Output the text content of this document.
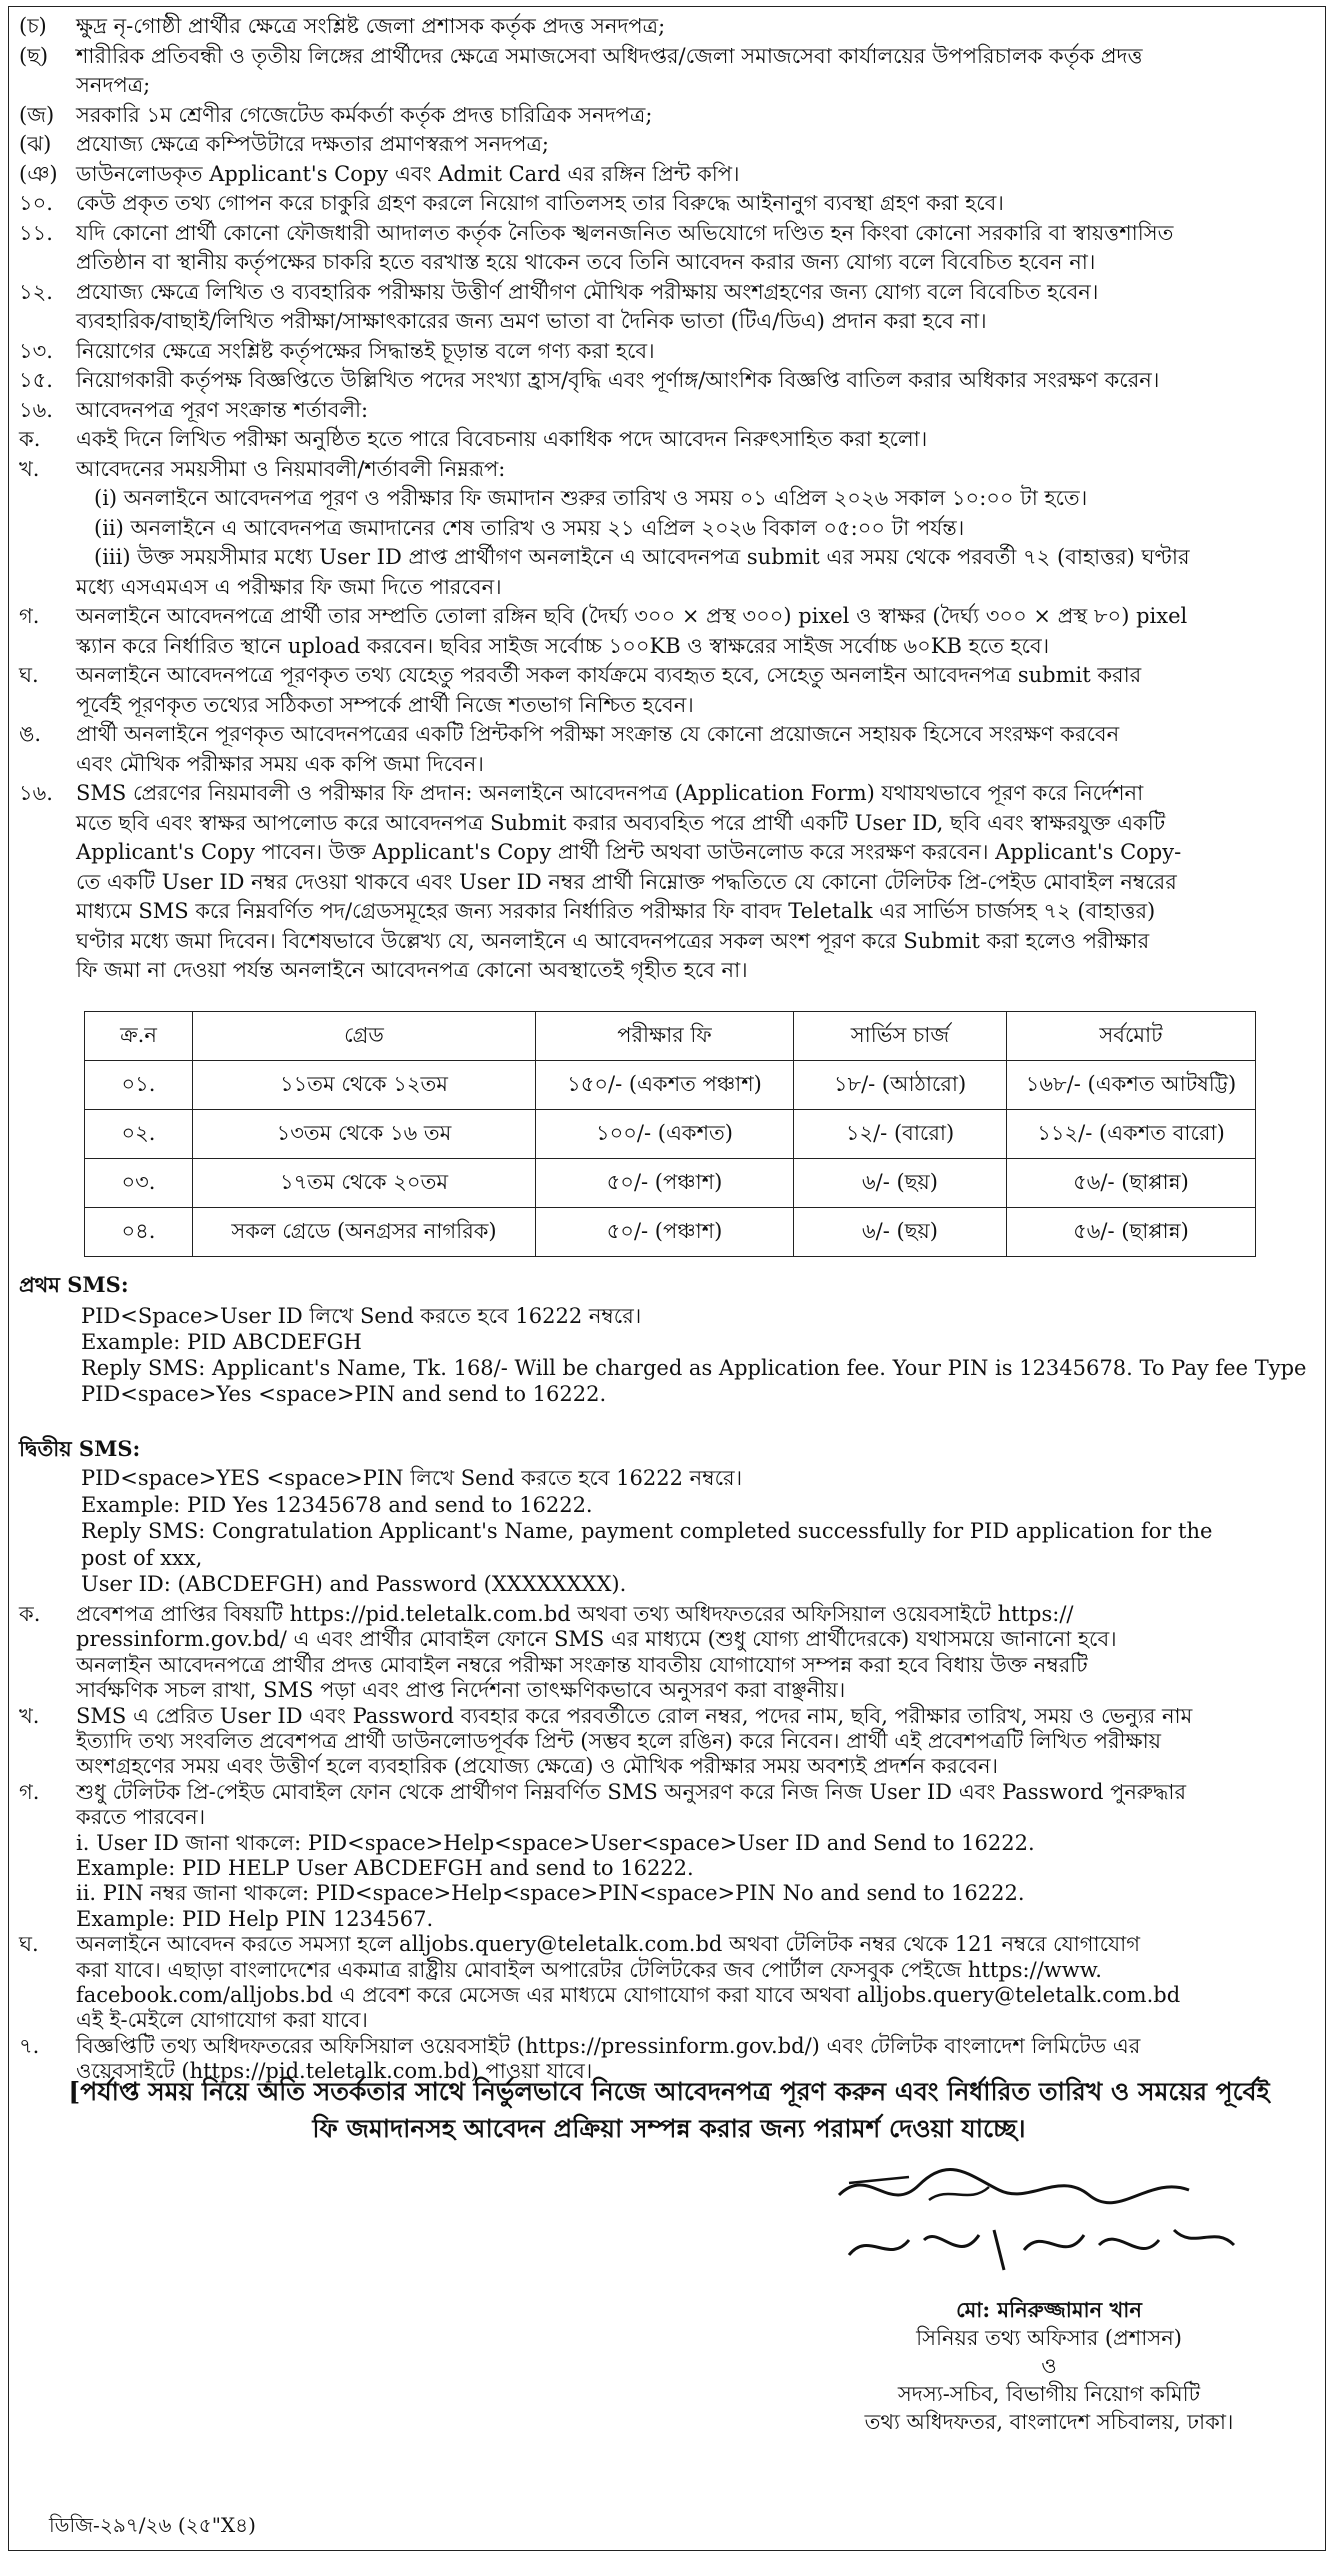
(চ) ক্ষুদ্র নৃ-গোষ্ঠী প্রার্থীর ক্ষেত্রে সংশ্লিষ্ট জেলা প্রশাসক কর্তৃক প্রদত্ত সনদপত্র;
(ছ) শারীরিক প্রতিবন্ধী ও তৃতীয় লিঙ্গের প্রার্থীদের ক্ষেত্রে সমাজসেবা অধিদপ্তর/জেলা সমাজসেবা কার্যালয়ের উপপরিচালক কর্তৃক প্রদত্ত
সনদপত্র;
(জ) সরকারি ১ম শ্রেণীর গেজেটেড কর্মকর্তা কর্তৃক প্রদত্ত চারিত্রিক সনদপত্র;
(ঝ) প্রযোজ্য ক্ষেত্রে কম্পিউটারে দক্ষতার প্রমাণস্বরূপ সনদপত্র;
(ঞ) ডাউনলোডকৃত Applicant's Copy এবং Admit Card এর রঙ্গিন প্রিন্ট কপি।
১০. কেউ প্রকৃত তথ্য গোপন করে চাকুরি গ্রহণ করলে নিয়োগ বাতিলসহ তার বিরুদ্ধে আইনানুগ ব্যবস্থা গ্রহণ করা হবে।
১১. যদি কোনো প্রার্থী কোনো ফৌজধারী আদালত কর্তৃক নৈতিক স্খলনজনিত অভিযোগে দণ্ডিত হন কিংবা কোনো সরকারি বা স্বায়ত্তশাসিত
প্রতিষ্ঠান বা স্থানীয় কর্তৃপক্ষের চাকরি হতে বরখাস্ত হয়ে থাকেন তবে তিনি আবেদন করার জন্য যোগ্য বলে বিবেচিত হবেন না।
১২. প্রযোজ্য ক্ষেত্রে লিখিত ও ব্যবহারিক পরীক্ষায় উত্তীর্ণ প্রার্থীগণ মৌখিক পরীক্ষায় অংশগ্রহণের জন্য যোগ্য বলে বিবেচিত হবেন।
ব্যবহারিক/বাছাই/লিখিত পরীক্ষা/সাক্ষাৎকারের জন্য ভ্রমণ ভাতা বা দৈনিক ভাতা (টিএ/ডিএ) প্রদান করা হবে না।
১৩. নিয়োগের ক্ষেত্রে সংশ্লিষ্ট কর্তৃপক্ষের সিদ্ধান্তই চূড়ান্ত বলে গণ্য করা হবে।
১৫. নিয়োগকারী কর্তৃপক্ষ বিজ্ঞপ্তিতে উল্লিখিত পদের সংখ্যা হ্রাস/বৃদ্ধি এবং পূর্ণাঙ্গ/আংশিক বিজ্ঞপ্তি বাতিল করার অধিকার সংরক্ষণ করেন।
১৬. আবেদনপত্র পূরণ সংক্রান্ত শর্তাবলী:
ক. একই দিনে লিখিত পরীক্ষা অনুষ্ঠিত হতে পারে বিবেচনায় একাধিক পদে আবেদন নিরুৎসাহিত করা হলো।
খ. আবেদনের সময়সীমা ও নিয়মাবলী/শর্তাবলী নিম্নরূপ:
(i) অনলাইনে আবেদনপত্র পূরণ ও পরীক্ষার ফি জমাদান শুরুর তারিখ ও সময় ০১ এপ্রিল ২০২৬ সকাল ১০:০০ টা হতে।
(ii) অনলাইনে এ আবেদনপত্র জমাদানের শেষ তারিখ ও সময় ২১ এপ্রিল ২০২৬ বিকাল ০৫:০০ টা পর্যন্ত।
(iii) উক্ত সময়সীমার মধ্যে User ID প্রাপ্ত প্রার্থীগণ অনলাইনে এ আবেদনপত্র submit এর সময় থেকে পরবর্তী ৭২ (বাহাত্তর) ঘণ্টার
মধ্যে এসএমএস এ পরীক্ষার ফি জমা দিতে পারবেন।
গ. অনলাইনে আবেদনপত্রে প্রার্থী তার সম্প্রতি তোলা রঙ্গিন ছবি (দৈর্ঘ্য ৩০০ × প্রস্থ ৩০০) pixel ও স্বাক্ষর (দৈর্ঘ্য ৩০০ × প্রস্থ ৮০) pixel
স্ক্যান করে নির্ধারিত স্থানে upload করবেন। ছবির সাইজ সর্বোচ্চ ১০০KB ও স্বাক্ষরের সাইজ সর্বোচ্চ ৬০KB হতে হবে।
ঘ. অনলাইনে আবেদনপত্রে পূরণকৃত তথ্য যেহেতু পরবর্তী সকল কার্যক্রমে ব্যবহৃত হবে, সেহেতু অনলাইন আবেদনপত্র submit করার
পূর্বেই পূরণকৃত তথ্যের সঠিকতা সম্পর্কে প্রার্থী নিজে শতভাগ নিশ্চিত হবেন।
ঙ. প্রার্থী অনলাইনে পূরণকৃত আবেদনপত্রের একটি প্রিন্টকপি পরীক্ষা সংক্রান্ত যে কোনো প্রয়োজনে সহায়ক হিসেবে সংরক্ষণ করবেন
এবং মৌখিক পরীক্ষার সময় এক কপি জমা দিবেন।
১৬. SMS প্রেরণের নিয়মাবলী ও পরীক্ষার ফি প্রদান: অনলাইনে আবেদনপত্র (Application Form) যথাযথভাবে পূরণ করে নির্দেশনা
মতে ছবি এবং স্বাক্ষর আপলোড করে আবেদনপত্র Submit করার অব্যবহিত পরে প্রার্থী একটি User ID, ছবি এবং স্বাক্ষরযুক্ত একটি
Applicant's Copy পাবেন। উক্ত Applicant's Copy প্রার্থী প্রিন্ট অথবা ডাউনলোড করে সংরক্ষণ করবেন। Applicant's Copy-
তে একটি User ID নম্বর দেওয়া থাকবে এবং User ID নম্বর প্রার্থী নিম্নোক্ত পদ্ধতিতে যে কোনো টেলিটক প্রি-পেইড মোবাইল নম্বরের
মাধ্যমে SMS করে নিম্নবর্ণিত পদ/গ্রেডসমূহের জন্য সরকার নির্ধারিত পরীক্ষার ফি বাবদ Teletalk এর সার্ভিস চার্জসহ ৭২ (বাহাত্তর)
ঘণ্টার মধ্যে জমা দিবেন। বিশেষভাবে উল্লেখ্য যে, অনলাইনে এ আবেদনপত্রের সকল অংশ পূরণ করে Submit করা হলেও পরীক্ষার
ফি জমা না দেওয়া পর্যন্ত অনলাইনে আবেদনপত্র কোনো অবস্থাতেই গৃহীত হবে না।
ক্র.ন	গ্রেড	পরীক্ষার ফি	সার্ভিস চার্জ	সর্বমোট
০১.	১১তম থেকে ১২তম	১৫০/- (একশত পঞ্চাশ)	১৮/- (আঠারো)	১৬৮/- (একশত আটষট্টি)
০২.	১৩তম থেকে ১৬ তম	১০০/- (একশত)	১২/- (বারো)	১১২/- (একশত বারো)
০৩.	১৭তম থেকে ২০তম	৫০/- (পঞ্চাশ)	৬/- (ছয়)	৫৬/- (ছাপ্পান্ন)
০৪.	সকল গ্রেডে (অনগ্রসর নাগরিক)	৫০/- (পঞ্চাশ)	৬/- (ছয়)	৫৬/- (ছাপ্পান্ন)
প্রথম SMS:
PID<Space>User ID লিখে Send করতে হবে 16222 নম্বরে।
Example: PID ABCDEFGH
Reply SMS: Applicant's Name, Tk. 168/- Will be charged as Application fee. Your PIN is 12345678. To Pay fee Type
PID<space>Yes <space>PIN and send to 16222.
দ্বিতীয় SMS:
PID<space>YES <space>PIN লিখে Send করতে হবে 16222 নম্বরে।
Example: PID Yes 12345678 and send to 16222.
Reply SMS: Congratulation Applicant's Name, payment completed successfully for PID application for the
post of xxx,
User ID: (ABCDEFGH) and Password (XXXXXXXX).
ক. প্রবেশপত্র প্রাপ্তির বিষয়টি https://pid.teletalk.com.bd অথবা তথ্য অধিদফতরের অফিসিয়াল ওয়েবসাইটে https://
pressinform.gov.bd/ এ এবং প্রার্থীর মোবাইল ফোনে SMS এর মাধ্যমে (শুধু যোগ্য প্রার্থীদেরকে) যথাসময়ে জানানো হবে।
অনলাইন আবেদনপত্রে প্রার্থীর প্রদত্ত মোবাইল নম্বরে পরীক্ষা সংক্রান্ত যাবতীয় যোগাযোগ সম্পন্ন করা হবে বিধায় উক্ত নম্বরটি
সার্বক্ষণিক সচল রাখা, SMS পড়া এবং প্রাপ্ত নির্দেশনা তাৎক্ষণিকভাবে অনুসরণ করা বাঞ্ছনীয়।
খ. SMS এ প্রেরিত User ID এবং Password ব্যবহার করে পরবর্তীতে রোল নম্বর, পদের নাম, ছবি, পরীক্ষার তারিখ, সময় ও ভেন্যুর নাম
ইত্যাদি তথ্য সংবলিত প্রবেশপত্র প্রার্থী ডাউনলোডপূর্বক প্রিন্ট (সম্ভব হলে রঙিন) করে নিবেন। প্রার্থী এই প্রবেশপত্রটি লিখিত পরীক্ষায়
অংশগ্রহণের সময় এবং উত্তীর্ণ হলে ব্যবহারিক (প্রযোজ্য ক্ষেত্রে) ও মৌখিক পরীক্ষার সময় অবশ্যই প্রদর্শন করবেন।
গ. শুধু টেলিটক প্রি-পেইড মোবাইল ফোন থেকে প্রার্থীগণ নিম্নবর্ণিত SMS অনুসরণ করে নিজ নিজ User ID এবং Password পুনরুদ্ধার
করতে পারবেন।
i. User ID জানা থাকলে: PID<space>Help<space>User<space>User ID and Send to 16222.
Example: PID HELP User ABCDEFGH and send to 16222.
ii. PIN নম্বর জানা থাকলে: PID<space>Help<space>PIN<space>PIN No and send to 16222.
Example: PID Help PIN 1234567.
ঘ. অনলাইনে আবেদন করতে সমস্যা হলে alljobs.query@teletalk.com.bd অথবা টেলিটক নম্বর থেকে 121 নম্বরে যোগাযোগ
করা যাবে। এছাড়া বাংলাদেশের একমাত্র রাষ্ট্রীয় মোবাইল অপারেটর টেলিটকের জব পোর্টাল ফেসবুক পেইজে https://www.
facebook.com/alljobs.bd এ প্রবেশ করে মেসেজ এর মাধ্যমে যোগাযোগ করা যাবে অথবা alljobs.query@teletalk.com.bd
এই ই-মেইলে যোগাযোগ করা যাবে।
৭. বিজ্ঞপ্তিটি তথ্য অধিদফতরের অফিসিয়াল ওয়েবসাইট (https://pressinform.gov.bd/) এবং টেলিটক বাংলাদেশ লিমিটেড এর
ওয়েবসাইটে (https://pid.teletalk.com.bd) পাওয়া যাবে।
[পর্যাপ্ত সময় নিয়ে অতি সতর্কতার সাথে নির্ভুলভাবে নিজে আবেদনপত্র পূরণ করুন এবং নির্ধারিত তারিখ ও সময়ের পূর্বেই
ফি জমাদানসহ আবেদন প্রক্রিয়া সম্পন্ন করার জন্য পরামর্শ দেওয়া যাচ্ছে।
মো: মনিরুজ্জামান খান
সিনিয়র তথ্য অফিসার (প্রশাসন)
ও
সদস্য-সচিব, বিভাগীয় নিয়োগ কমিটি
তথ্য অধিদফতর, বাংলাদেশ সচিবালয়, ঢাকা।
ডিজি-২৯৭/২৬ (২৫"X৪)
